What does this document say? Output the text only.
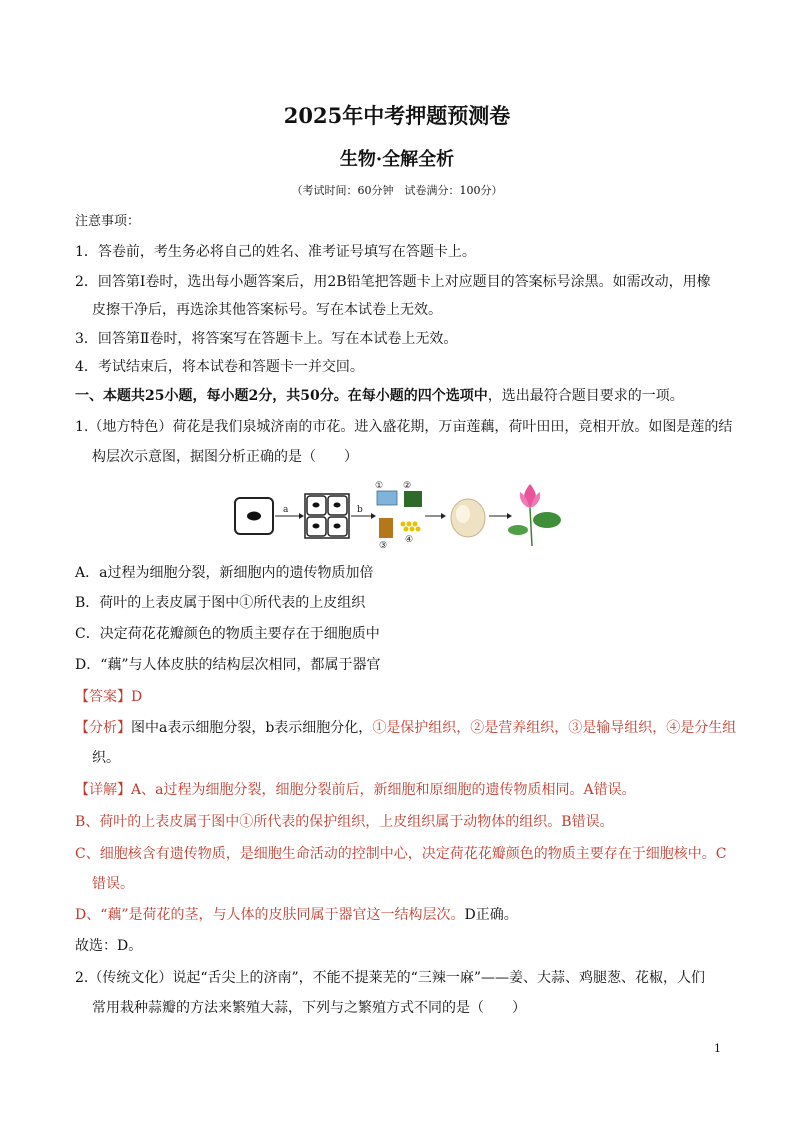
2025年中考押题预测卷
生物·全解全析
（考试时间：60分钟　试卷满分：100分）
注意事项：
1．答卷前，考生务必将自己的姓名、准考证号填写在答题卡上。
2．回答第Ⅰ卷时，选出每小题答案后，用2B铅笔把答题卡上对应题目的答案标号涂黑。如需改动，用橡
皮擦干净后，再选涂其他答案标号。写在本试卷上无效。
3．回答第Ⅱ卷时，将答案写在答题卡上。写在本试卷上无效。
4．考试结束后，将本试卷和答题卡一并交回。
一、本题共25小题，每小题2分，共50分。在每小题的四个选项中，选出最符合题目要求的一项。
1.（地方特色）荷花是我们泉城济南的市花。进入盛花期，万亩莲藕，荷叶田田，竞相开放。如图是莲的结
构层次示意图，据图分析正确的是（　　）
a	b
① ②
③
④
A．a过程为细胞分裂，新细胞内的遗传物质加倍
B．荷叶的上表皮属于图中①所代表的上皮组织
C．决定荷花花瓣颜色的物质主要存在于细胞质中
D．“藕”与人体皮肤的结构层次相同，都属于器官
【答案】D
【分析】图中a表示细胞分裂，b表示细胞分化，①是保护组织，②是营养组织，③是输导组织，④是分生组
织。
【详解】A、a过程为细胞分裂，细胞分裂前后，新细胞和原细胞的遗传物质相同。A错误。
B、荷叶的上表皮属于图中①所代表的保护组织，上皮组织属于动物体的组织。B错误。
C、细胞核含有遗传物质，是细胞生命活动的控制中心，决定荷花花瓣颜色的物质主要存在于细胞核中。C
错误。
D、“藕”是荷花的茎，与人体的皮肤同属于器官这一结构层次。D正确。
故选：D。
2.（传统文化）说起“舌尖上的济南”，不能不提莱芜的“三辣一麻”——姜、大蒜、鸡腿葱、花椒，人们
常用栽种蒜瓣的方法来繁殖大蒜，下列与之繁殖方式不同的是（　　）
1
